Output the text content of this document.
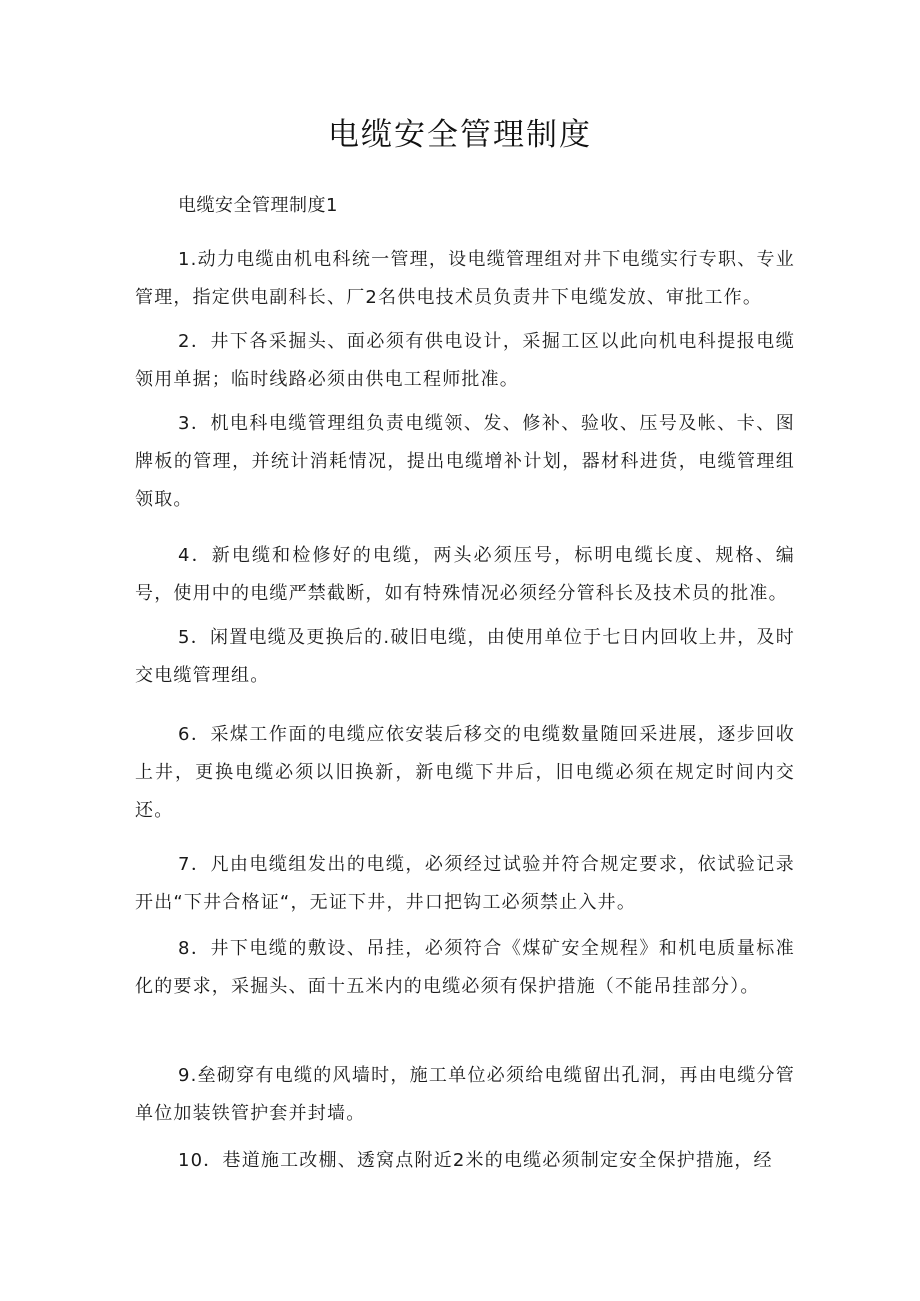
电缆安全管理制度

电缆安全管理制度1

1.动力电缆由机电科统一管理，设电缆管理组对井下电缆实行专职、专业管理，指定供电副科长、厂2名供电技术员负责井下电缆发放、审批工作。

2．井下各采掘头、面必须有供电设计，采掘工区以此向机电科提报电缆领用单据；临时线路必须由供电工程师批准。

3．机电科电缆管理组负责电缆领、发、修补、验收、压号及帐、卡、图牌板的管理，并统计消耗情况，提出电缆增补计划，器材科进货，电缆管理组领取。

4．新电缆和检修好的电缆，两头必须压号，标明电缆长度、规格、编号，使用中的电缆严禁截断，如有特殊情况必须经分管科长及技术员的批准。

5．闲置电缆及更换后的.破旧电缆，由使用单位于七日内回收上井，及时交电缆管理组。

6．采煤工作面的电缆应依安装后移交的电缆数量随回采进展，逐步回收上井，更换电缆必须以旧换新，新电缆下井后，旧电缆必须在规定时间内交还。

7．凡由电缆组发出的电缆，必须经过试验并符合规定要求，依试验记录开出“下井合格证“，无证下井，井口把钩工必须禁止入井。

8．井下电缆的敷设、吊挂，必须符合《煤矿安全规程》和机电质量标准化的要求，采掘头、面十五米内的电缆必须有保护措施（不能吊挂部分）。

9.垒砌穿有电缆的风墙时，施工单位必须给电缆留出孔洞，再由电缆分管单位加装铁管护套并封墙。

10．巷道施工改棚、透窝点附近2米的电缆必须制定安全保护措施，经
